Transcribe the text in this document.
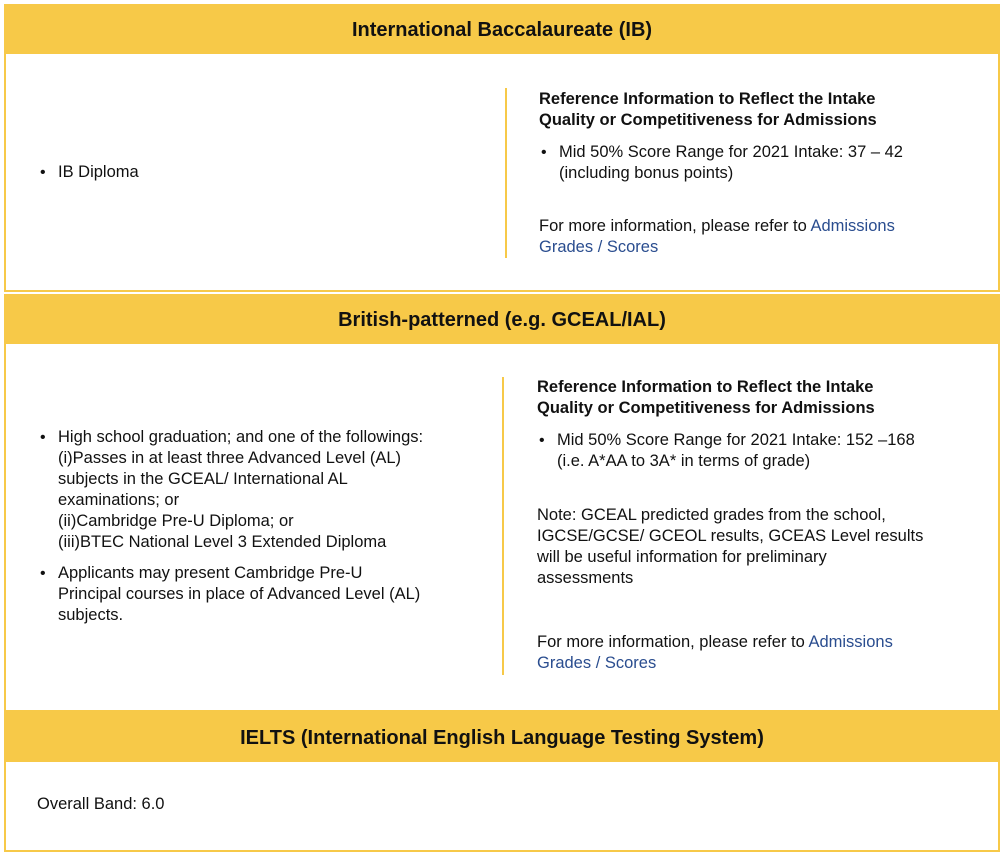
International Baccalaureate (IB)
• IB Diploma
Reference Information to Reflect the Intake
Quality or Competitiveness for Admissions
• Mid 50% Score Range for 2021 Intake: 37 – 42
(including bonus points)
For more information, please refer to Admissions
Grades / Scores
British-patterned (e.g. GCEAL/IAL)
• High school graduation; and one of the followings:
(i)Passes in at least three Advanced Level (AL)
subjects in the GCEAL/ International AL
examinations; or
(ii)Cambridge Pre-U Diploma; or
(iii)BTEC National Level 3 Extended Diploma
• Applicants may present Cambridge Pre-U
Principal courses in place of Advanced Level (AL)
subjects.
Reference Information to Reflect the Intake
Quality or Competitiveness for Admissions
• Mid 50% Score Range for 2021 Intake: 152 –168
(i.e. A*AA to 3A* in terms of grade)
Note: GCEAL predicted grades from the school,
IGCSE/GCSE/ GCEOL results, GCEAS Level results
will be useful information for preliminary
assessments
For more information, please refer to Admissions
Grades / Scores
IELTS (International English Language Testing System)
Overall Band: 6.0
